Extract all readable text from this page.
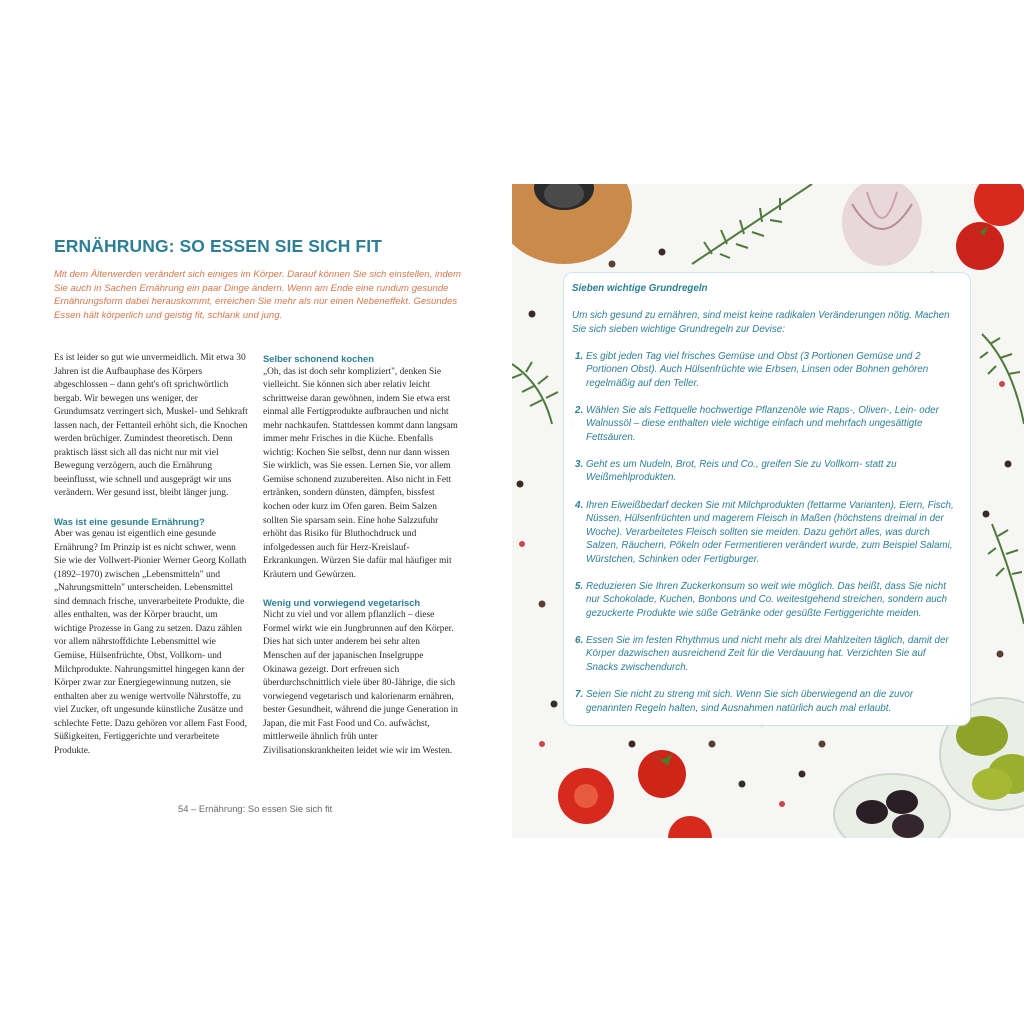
ERNÄHRUNG: SO ESSEN SIE SICH FIT

Mit dem Älterwerden verändert sich einiges im Körper. Darauf können Sie sich einstellen, indem Sie auch in Sachen Ernährung ein paar Dinge ändern. Wenn am Ende eine rundum gesunde Ernährungsform dabei herauskommt, erreichen Sie mehr als nur einen Nebeneffekt. Gesundes Essen hält körperlich und geistig fit, schlank und jung.

Es ist leider so gut wie unvermeidlich. Mit etwa 30 Jahren ist die Aufbauphase des Körpers abgeschlossen – dann geht's oft sprichwörtlich bergab. Wir bewegen uns weniger, der Grundumsatz verringert sich, Muskel- und Sehkraft lassen nach, der Fettanteil erhöht sich, die Knochen werden brüchiger. Zumindest theoretisch. Denn praktisch lässt sich all das nicht nur mit viel Bewegung verzögern, auch die Ernährung beeinflusst, wie schnell und ausgeprägt wir uns verändern. Wer gesund isst, bleibt länger jung.

Was ist eine gesunde Ernährung?

Aber was genau ist eigentlich eine gesunde Ernährung? Im Prinzip ist es nicht schwer, wenn Sie wie der Vollwert-Pionier Werner Georg Kollath (1892–1970) zwischen „Lebensmitteln" und „Nahrungsmitteln" unterscheiden. Lebensmittel sind demnach frische, unverarbeitete Produkte, die alles enthalten, was der Körper braucht, um wichtige Prozesse in Gang zu setzen. Dazu zählen vor allem nährstoffdichte Lebensmittel wie Gemüse, Hülsenfrüchte, Obst, Vollkorn- und Milchprodukte. Nahrungsmittel hingegen kann der Körper zwar zur Energiegewinnung nutzen, sie enthalten aber zu wenige wertvolle Nährstoffe, zu viel Zucker, oft ungesunde künstliche Zusätze und schlechte Fette. Dazu gehören vor allem Fast Food, Süßigkeiten, Fertiggerichte und verarbeitete Produkte.

Selber schonend kochen

„Oh, das ist doch sehr kompliziert", denken Sie vielleicht. Sie können sich aber relativ leicht schrittweise daran gewöhnen, indem Sie etwa erst einmal alle Fertigprodukte aufbrauchen und nicht mehr nachkaufen. Stattdessen kommt dann langsam immer mehr Frisches in die Küche. Ebenfalls wichtig: Kochen Sie selbst, denn nur dann wissen Sie wirklich, was Sie essen. Lernen Sie, vor allem Gemüse schonend zuzubereiten. Also nicht in Fett ertränken, sondern dünsten, dämpfen, bissfest kochen oder kurz im Ofen garen. Beim Salzen sollten Sie sparsam sein. Eine hohe Salzzufuhr erhöht das Risiko für Bluthochdruck und infolgedessen auch für Herz-Kreislauf-Erkrankungen. Würzen Sie dafür mal häufiger mit Kräutern und Gewürzen.

Wenig und vorwiegend vegetarisch

Nicht zu viel und vor allem pflanzlich – diese Formel wirkt wie ein Jungbrunnen auf den Körper. Dies hat sich unter anderem bei sehr alten Menschen auf der japanischen Inselgruppe Okinawa gezeigt. Dort erfreuen sich überdurchschnittlich viele über 80-Jährige, die sich vorwiegend vegetarisch und kalorienarm ernähren, bester Gesundheit, während die junge Generation in Japan, die mit Fast Food und Co. aufwächst, mittlerweile ähnlich früh unter Zivilisationskrankheiten leidet wie wir im Westen.

54 – Ernährung: So essen Sie sich fit

Sieben wichtige Grundregeln

Um sich gesund zu ernähren, sind meist keine radikalen Veränderungen nötig. Machen Sie sich sieben wichtige Grundregeln zur Devise:

1. Es gibt jeden Tag viel frisches Gemüse und Obst (3 Portionen Gemüse und 2 Portionen Obst). Auch Hülsenfrüchte wie Erbsen, Linsen oder Bohnen gehören regelmäßig auf den Teller.
2. Wählen Sie als Fettquelle hochwertige Pflanzenöle wie Raps-, Oliven-, Lein- oder Walnussöl – diese enthalten viele wichtige einfach und mehrfach ungesättigte Fettsäuren.
3. Geht es um Nudeln, Brot, Reis und Co., greifen Sie zu Vollkorn- statt zu Weißmehlprodukten.
4. Ihren Eiweißbedarf decken Sie mit Milchprodukten (fettarme Varianten), Eiern, Fisch, Nüssen, Hülsenfrüchten und magerem Fleisch in Maßen (höchstens dreimal in der Woche). Verarbeitetes Fleisch sollten sie meiden. Dazu gehört alles, was durch Salzen, Räuchern, Pökeln oder Fermentieren verändert wurde, zum Beispiel Salami, Würstchen, Schinken oder Fertigburger.
5. Reduzieren Sie Ihren Zuckerkonsum so weit wie möglich. Das heißt, dass Sie nicht nur Schokolade, Kuchen, Bonbons und Co. weitestgehend streichen, sondern auch gezuckerte Produkte wie süße Getränke oder gesüßte Fertiggerichte meiden.
6. Essen Sie im festen Rhythmus und nicht mehr als drei Mahlzeiten täglich, damit der Körper dazwischen ausreichend Zeit für die Verdauung hat. Verzichten Sie auf Snacks zwischendurch.
7. Seien Sie nicht zu streng mit sich. Wenn Sie sich überwiegend an die zuvor genannten Regeln halten, sind Ausnahmen natürlich auch mal erlaubt.
